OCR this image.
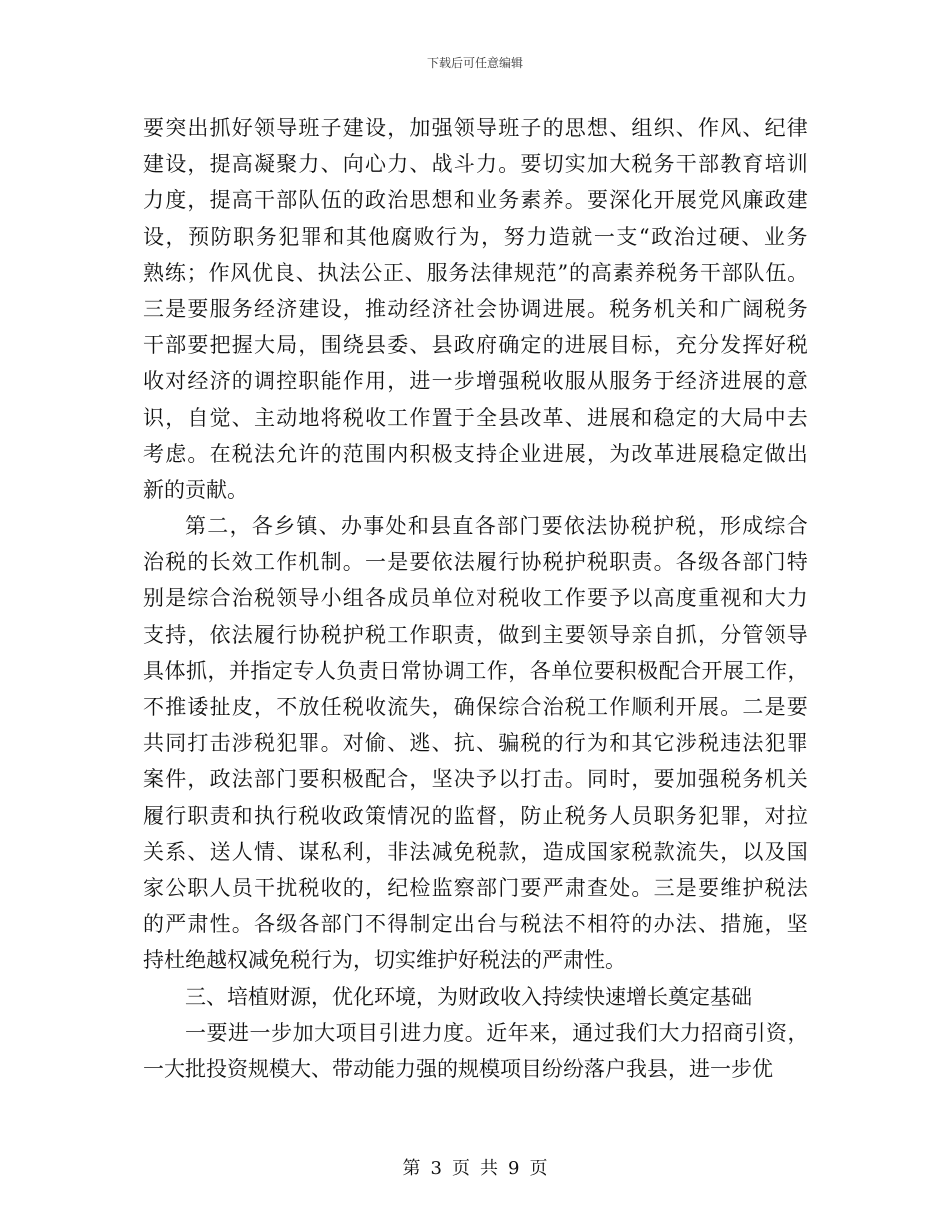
下载后可任意编辑
要突出抓好领导班子建设，加强领导班子的思想、组织、作风、纪律
建设，提高凝聚力、向心力、战斗力。要切实加大税务干部教育培训
力度，提高干部队伍的政治思想和业务素养。要深化开展党风廉政建
设，预防职务犯罪和其他腐败行为，努力造就一支“政治过硬、业务
熟练；作风优良、执法公正、服务法律规范”的高素养税务干部队伍。
三是要服务经济建设，推动经济社会协调进展。税务机关和广阔税务
干部要把握大局，围绕县委、县政府确定的进展目标，充分发挥好税
收对经济的调控职能作用，进一步增强税收服从服务于经济进展的意
识，自觉、主动地将税收工作置于全县改革、进展和稳定的大局中去
考虑。在税法允许的范围内积极支持企业进展，为改革进展稳定做出
新的贡献。
第二，各乡镇、办事处和县直各部门要依法协税护税，形成综合
治税的长效工作机制。一是要依法履行协税护税职责。各级各部门特
别是综合治税领导小组各成员单位对税收工作要予以高度重视和大力
支持，依法履行协税护税工作职责，做到主要领导亲自抓，分管领导
具体抓，并指定专人负责日常协调工作，各单位要积极配合开展工作，
不推诿扯皮，不放任税收流失，确保综合治税工作顺利开展。二是要
共同打击涉税犯罪。对偷、逃、抗、骗税的行为和其它涉税违法犯罪
案件，政法部门要积极配合，坚决予以打击。同时，要加强税务机关
履行职责和执行税收政策情况的监督，防止税务人员职务犯罪，对拉
关系、送人情、谋私利，非法减免税款，造成国家税款流失，以及国
家公职人员干扰税收的，纪检监察部门要严肃查处。三是要维护税法
的严肃性。各级各部门不得制定出台与税法不相符的办法、措施，坚
持杜绝越权减免税行为，切实维护好税法的严肃性。
三、培植财源，优化环境，为财政收入持续快速增长奠定基础
一要进一步加大项目引进力度。近年来，通过我们大力招商引资，
一大批投资规模大、带动能力强的规模项目纷纷落户我县，进一步优
第 3 页 共 9 页
